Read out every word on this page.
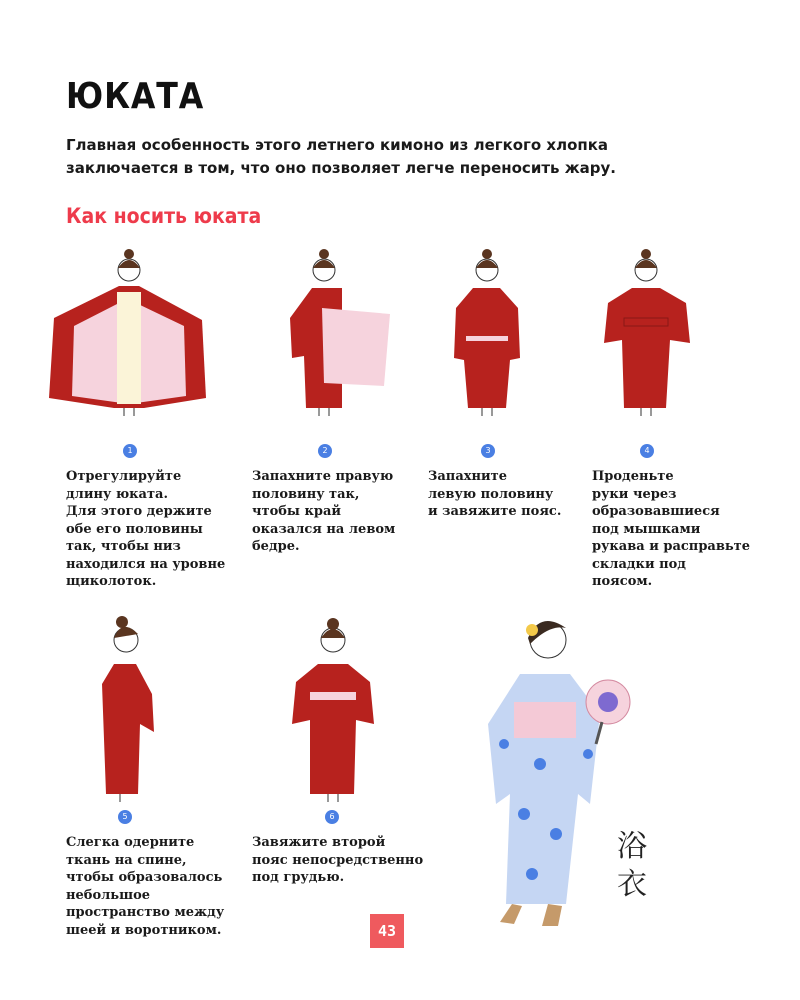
ЮКАТА
Главная особенность этого летнего кимоно из легкого хлопка заключается в том, что оно позволяет легче переносить жару.
Как носить юката
1	2	3	4
Отрегулируйте
длину юката.
Для этого держите
обе его половины
так, чтобы низ
находился на уровне
щиколоток.
Запахните правую
половину так,
чтобы край
оказался на левом
бедре.
Запахните
левую половину
и завяжите пояс.
Проденьте
руки через
образовавшиеся
под мышками
рукава и расправьте
складки под
поясом.
5	6
Слегка одерните
ткань на спине,
чтобы образовалось
небольшое
пространство между
шеей и воротником.
Завяжите второй
пояс непосредственно
под грудью.
浴
衣
43
